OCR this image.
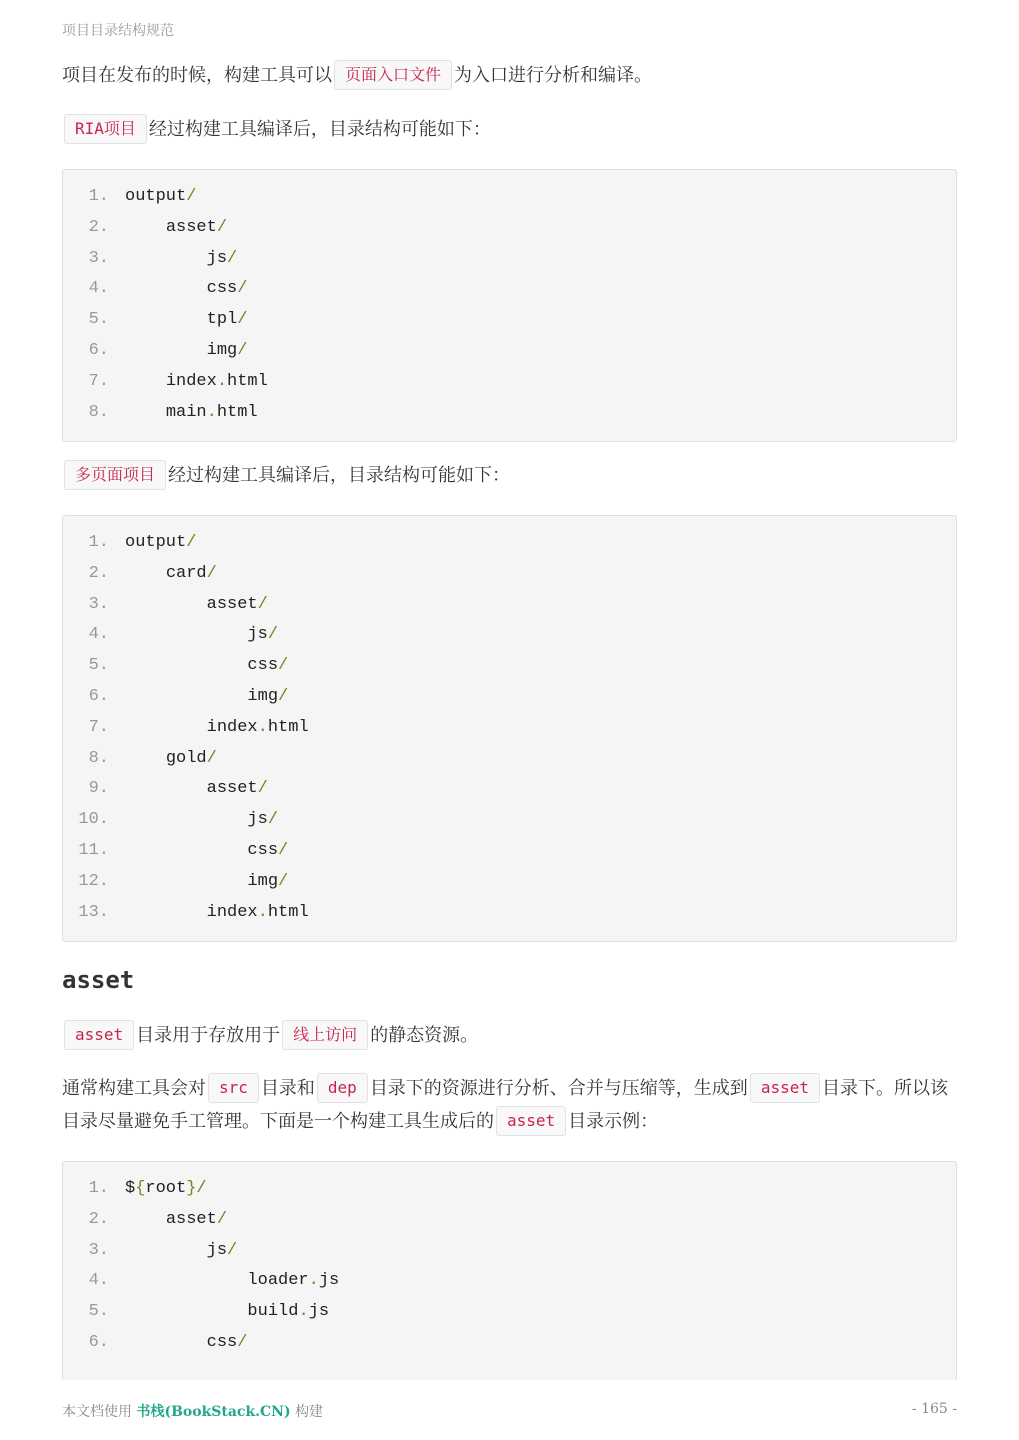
项目目录结构规范

项目在发布的时候，构建工具可以 页面入口文件 为入口进行分析和编译。

RIA项目 经过构建工具编译后，目录结构可能如下：

1. output/
2.	asset/
3.	js/
4.	css/
5.	tpl/
6.	img/
7.	index.html
8.	main.html

多页面项目 经过构建工具编译后，目录结构可能如下：

1. output/
2.	card/
3.	asset/
4.	js/
5.	css/
6.	img/
7.	index.html
8.	gold/
9.	asset/
10.	js/
11.	css/
12.	img/
13.	index.html
asset

asset 目录用于存放用于 线上访问 的静态资源。

通常构建工具会对 src 目录和 dep 目录下的资源进行分析、合并与压缩等，生成到 asset 目录下。所以该目录尽量避免手工管理。下面是一个构建工具生成后的 asset 目录示例：

1. ${root}/
2.	asset/
3.	js/
4.	loader.js
5.	build.js
6.	css/
本文档使用 书栈(BookStack.CN) 构建	- 165 -
